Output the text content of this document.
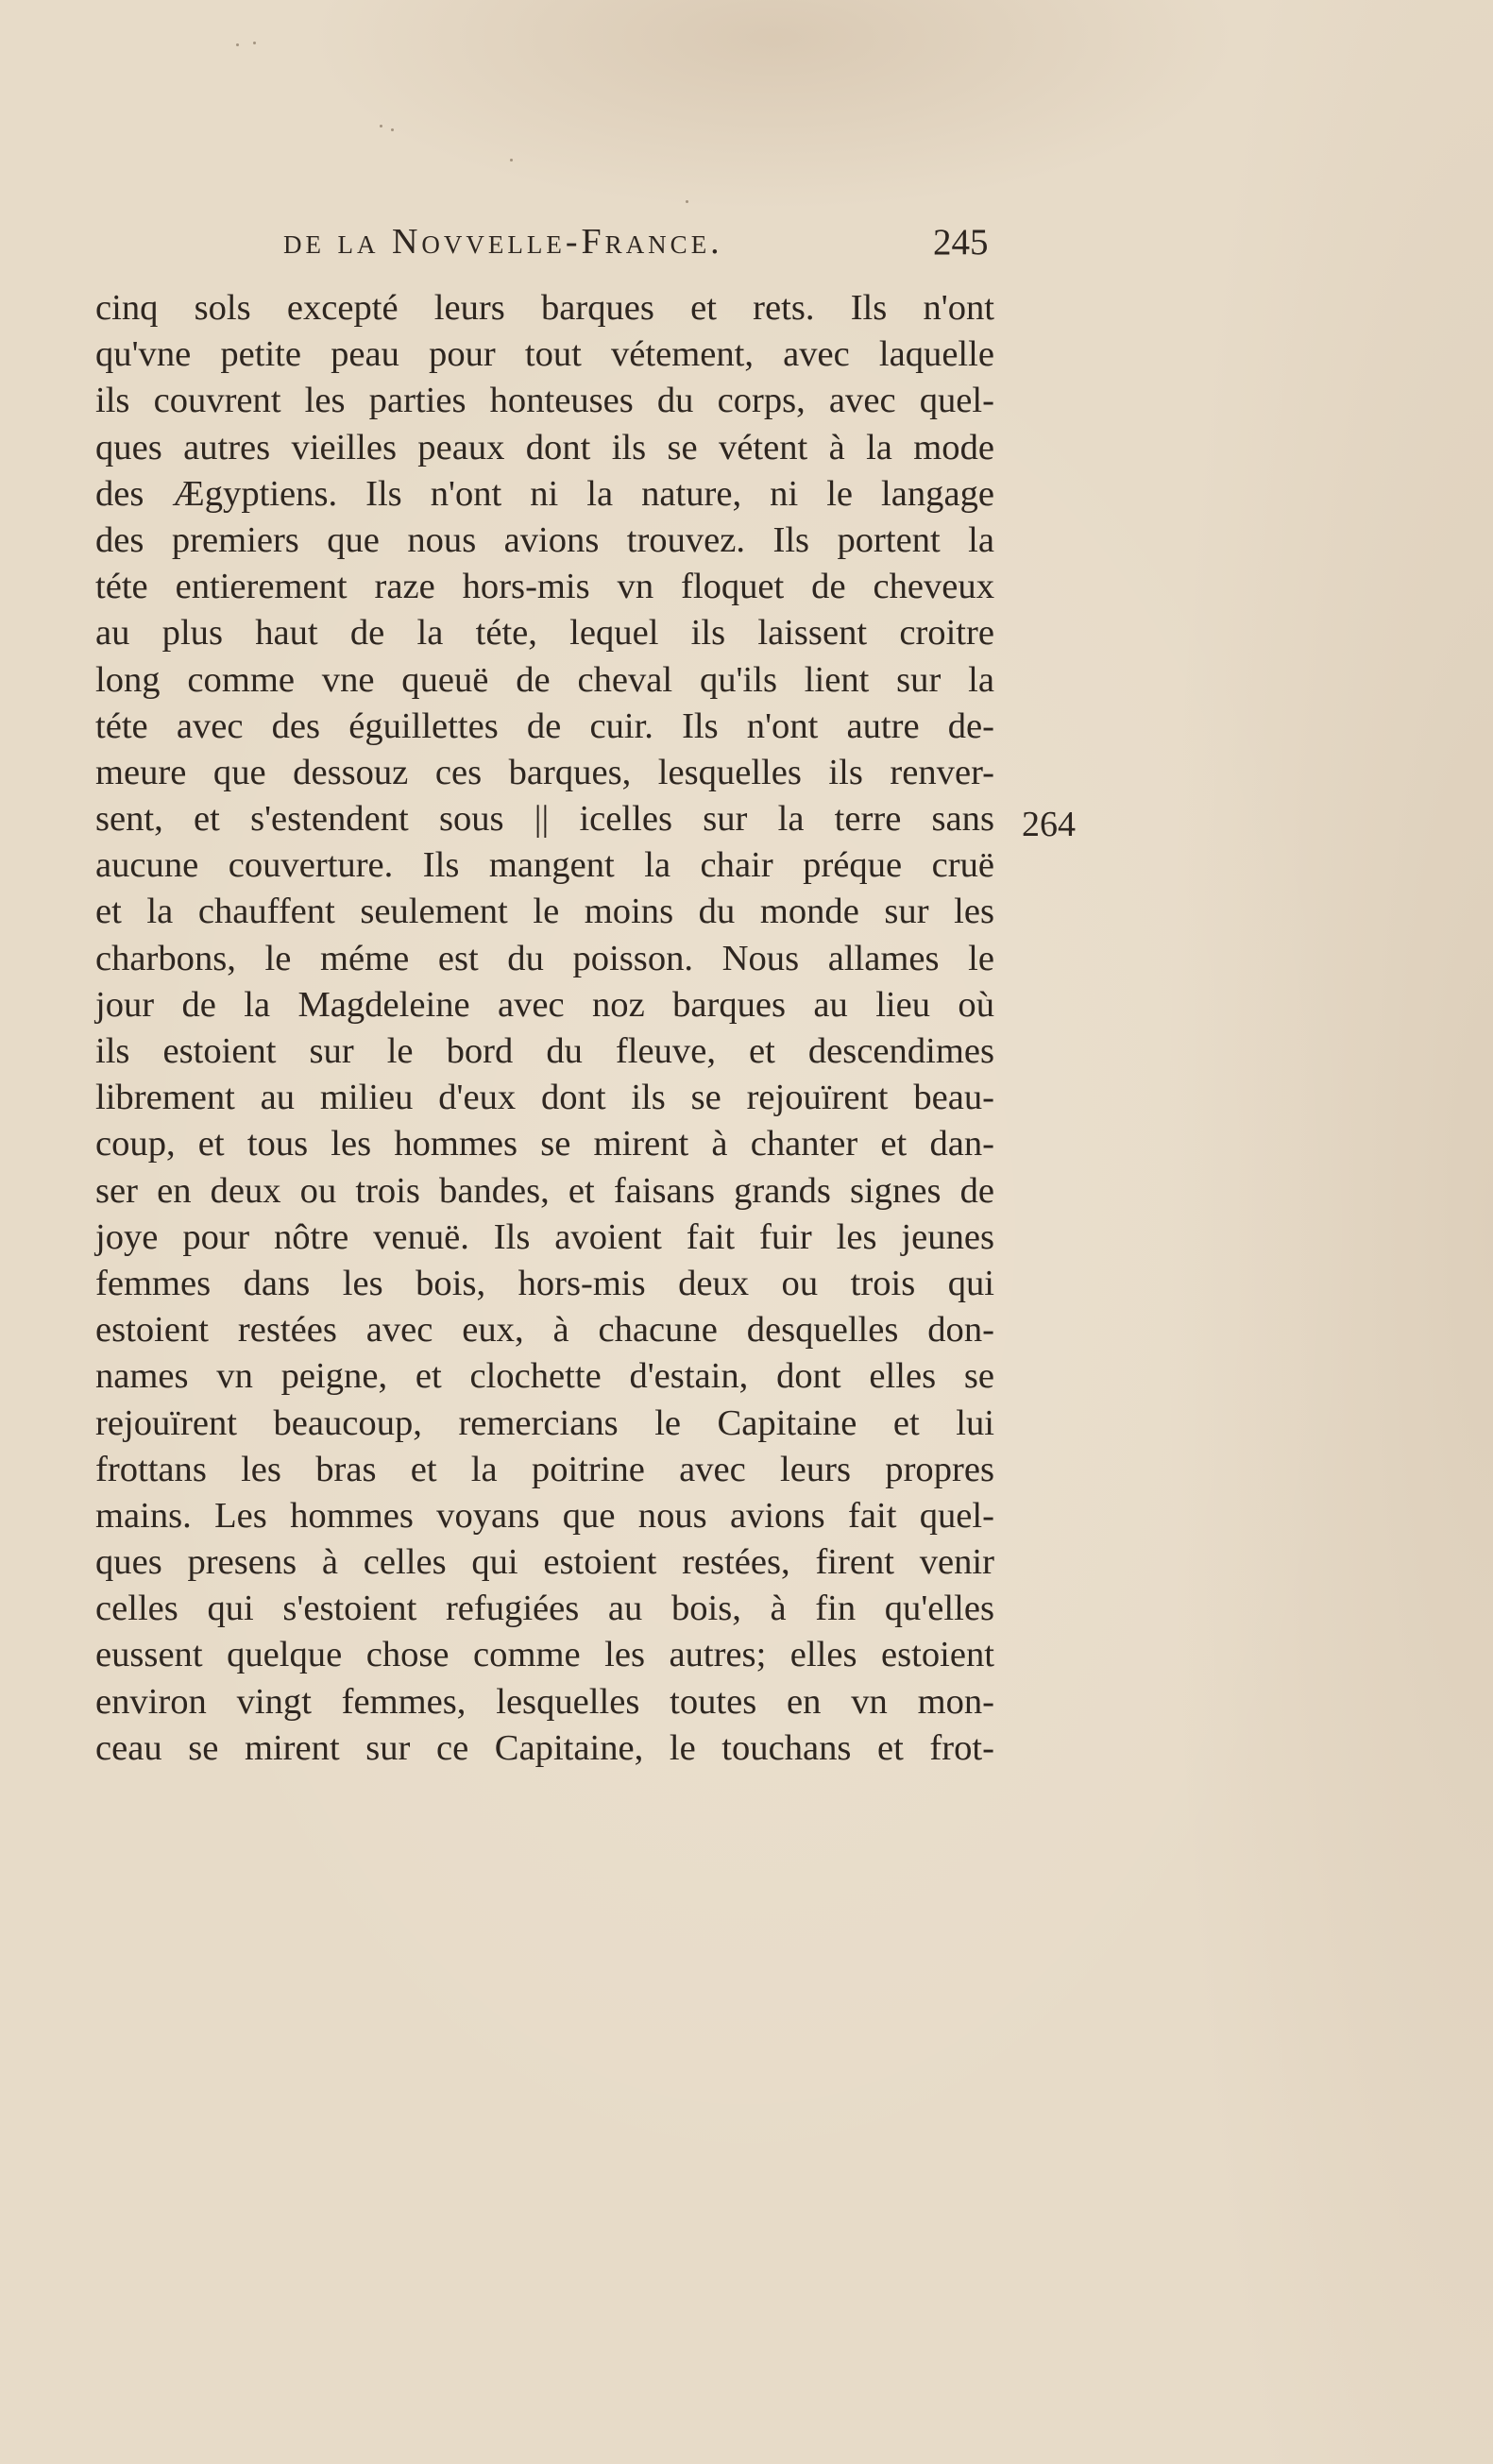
de la Novvelle-France.	245
cinq sols excepté leurs barques et rets. Ils n'ont
qu'vne petite peau pour tout vétement, avec laquelle
ils couvrent les parties honteuses du corps, avec quel-
ques autres vieilles peaux dont ils se vétent à la mode
des Ægyptiens. Ils n'ont ni la nature, ni le langage
des premiers que nous avions trouvez. Ils portent la
téte entierement raze hors-mis vn floquet de cheveux
au plus haut de la téte, lequel ils laissent croitre
long comme vne queuë de cheval qu'ils lient sur la
téte avec des éguillettes de cuir. Ils n'ont autre de-
meure que dessouz ces barques, lesquelles ils renver-
sent, et s'estendent sous || icelles sur la terre sans
aucune couverture. Ils mangent la chair préque cruë
et la chauffent seulement le moins du monde sur les
charbons, le méme est du poisson. Nous allames le
jour de la Magdeleine avec noz barques au lieu où
ils estoient sur le bord du fleuve, et descendimes
librement au milieu d'eux dont ils se rejouïrent beau-
coup, et tous les hommes se mirent à chanter et dan-
ser en deux ou trois bandes, et faisans grands signes de
joye pour nôtre venuë. Ils avoient fait fuir les jeunes
femmes dans les bois, hors-mis deux ou trois qui
estoient restées avec eux, à chacune desquelles don-
names vn peigne, et clochette d'estain, dont elles se
rejouïrent beaucoup, remercians le Capitaine et lui
frottans les bras et la poitrine avec leurs propres
mains. Les hommes voyans que nous avions fait quel-
ques presens à celles qui estoient restées, firent venir
celles qui s'estoient refugiées au bois, à fin qu'elles
eussent quelque chose comme les autres; elles estoient
environ vingt femmes, lesquelles toutes en vn mon-
ceau se mirent sur ce Capitaine, le touchans et frot-
264
